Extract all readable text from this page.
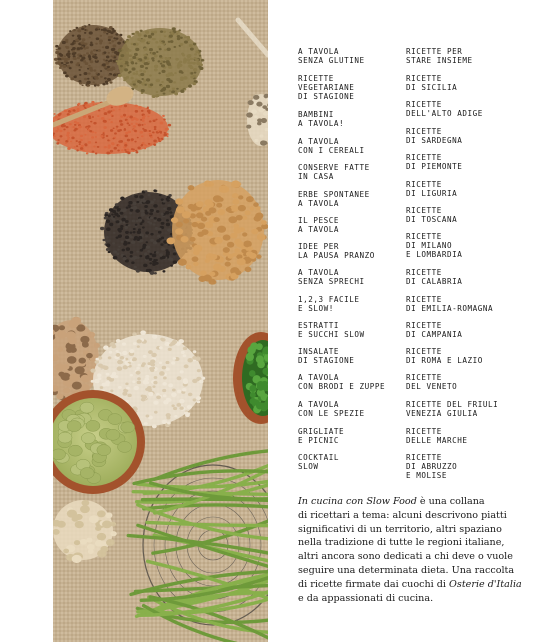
A TAVOLA
SENZA GLUTINE
RICETTE
VEGETARIANE
DI STAGIONE
BAMBINI
A TAVOLA!
A TAVOLA
CON I CEREALI
CONSERVE FATTE
IN CASA
ERBE SPONTANEE
A TAVOLA
IL PESCE
A TAVOLA
IDEE PER
LA PAUSA PRANZO
A TAVOLA
SENZA SPRECHI
1,2,3 FACILE
E SLOW!
ESTRATTI
E SUCCHI SLOW
INSALATE
DI STAGIONE
A TAVOLA
CON BRODI E ZUPPE
A TAVOLA
CON LE SPEZIE
GRIGLIATE
E PICNIC
COCKTAIL
SLOW
RICETTE PER
STARE INSIEME
RICETTE
DI SICILIA
RICETTE
DELL'ALTO ADIGE
RICETTE
DI SARDEGNA
RICETTE
DI PIEMONTE
RICETTE
DI LIGURIA
RICETTE
DI TOSCANA
RICETTE
DI MILANO
E LOMBARDIA
RICETTE
DI CALABRIA
RICETTE
DI EMILIA-ROMAGNA
RICETTE
DI CAMPANIA
RICETTE
DI ROMA E LAZIO
RICETTE
DEL VENETO
RICETTE DEL FRIULI
VENEZIA GIULIA
RICETTE
DELLE MARCHE
RICETTE
DI ABRUZZO
E MOLISE

In cucina con Slow Food è una collana

di ricettari a tema: alcuni descrivono piatti

significativi di un territorio, altri spaziano

nella tradizione di tutte le regioni italiane,

altri ancora sono dedicati a chi deve o vuole

seguire una determinata dieta. Una raccolta

di ricette firmate dai cuochi di Osterie d'Italia

e da appassionati di cucina.
